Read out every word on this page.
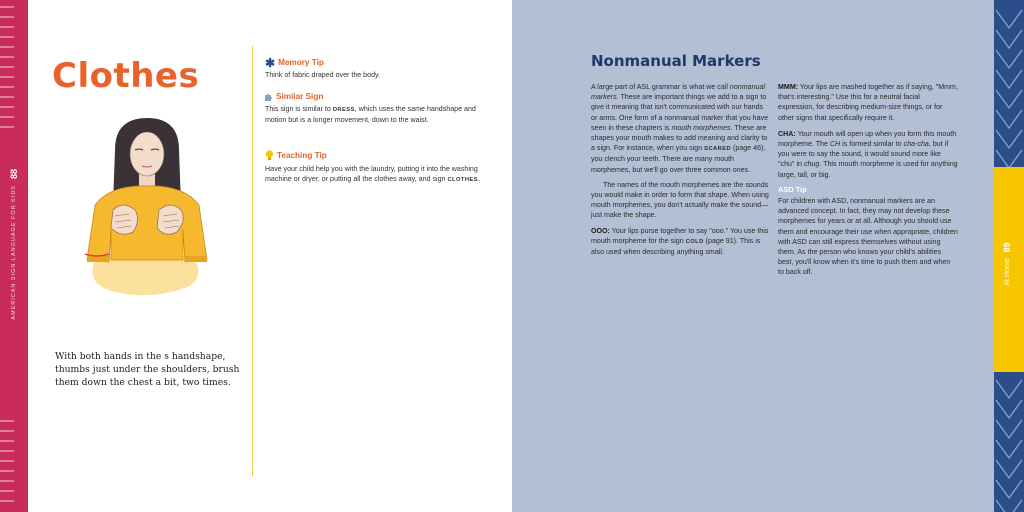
AMERICAN SIGN LANGUAGE FOR KIDS
88
Clothes
With both hands in the s handshape, thumbs just under the shoulders, brush them down the chest a bit, two times.
✱ Memory Tip
Think of fabric draped over the body.
Similar Sign
This sign is similar to DRESS, which uses the same handshape and motion but is a longer movement, down to the waist.
Teaching Tip
Have your child help you with the laundry, putting it into the washing machine or dryer, or putting all the clothes away, and sign CLOTHES.
Nonmanual Markers

A large part of ASL grammar is what we call nonmanual markers. These are important things we add to a sign to give it meaning that isn't communicated with our hands or arms. One form of a nonmanual marker that you have seen in these chapters is mouth morphemes. These are shapes your mouth makes to add meaning and clarity to a sign. For instance, when you sign SCARED (page 46), you clench your teeth. There are many mouth morphemes, but we'll go over three common ones.

The names of the mouth morphemes are the sounds you would make in order to form that shape. When using mouth morphemes, you don't actually make the sound—just make the shape.

OOO: Your lips purse together to say "ooo." You use this mouth morpheme for the sign COLD (page 91). This is also used when describing anything small.

MMM: Your lips are mashed together as if saying, "Mmm, that's interesting." Use this for a neutral facial expression, for describing medium-size things, or for other signs that specifically require it.

CHA: Your mouth will open up when you form this mouth morpheme. The CH is formed similar to cha-cha, but if you were to say the sound, it would sound more like "chu" in chug. This mouth morpheme is used for anything large, tall, or big.

ASD Tip

For children with ASD, nonmanual markers are an advanced concept. In fact, they may not develop these morphemes for years or at all. Although you should use them and encourage their use when appropriate, children with ASD can still express themselves without using them. As the person who knows your child's abilities best, you'll know when it's time to push them and when to back off.	At Home
89
